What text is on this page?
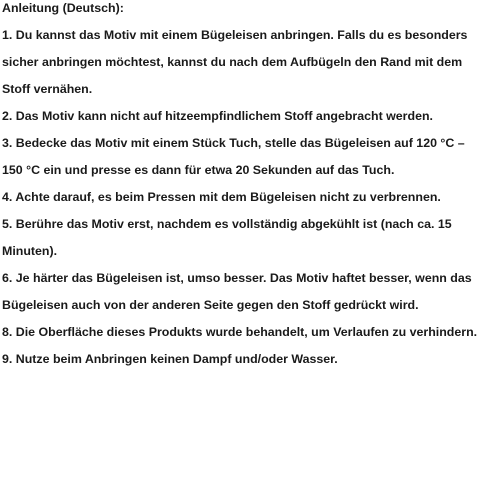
Anleitung (Deutsch):
1. Du kannst das Motiv mit einem Bügeleisen anbringen. Falls du es besonders
sicher anbringen möchtest, kannst du nach dem Aufbügeln den Rand mit dem
Stoff vernähen.
2. Das Motiv kann nicht auf hitzeempfindlichem Stoff angebracht werden.
3. Bedecke das Motiv mit einem Stück Tuch, stelle das Bügeleisen auf 120 °C –
150 °C ein und presse es dann für etwa 20 Sekunden auf das Tuch.
4. Achte darauf, es beim Pressen mit dem Bügeleisen nicht zu verbrennen.
5. Berühre das Motiv erst, nachdem es vollständig abgekühlt ist (nach ca. 15
Minuten).
6. Je härter das Bügeleisen ist, umso besser. Das Motiv haftet besser, wenn das
Bügeleisen auch von der anderen Seite gegen den Stoff gedrückt wird.
8. Die Oberfläche dieses Produkts wurde behandelt, um Verlaufen zu verhindern.
9. Nutze beim Anbringen keinen Dampf und/oder Wasser.
